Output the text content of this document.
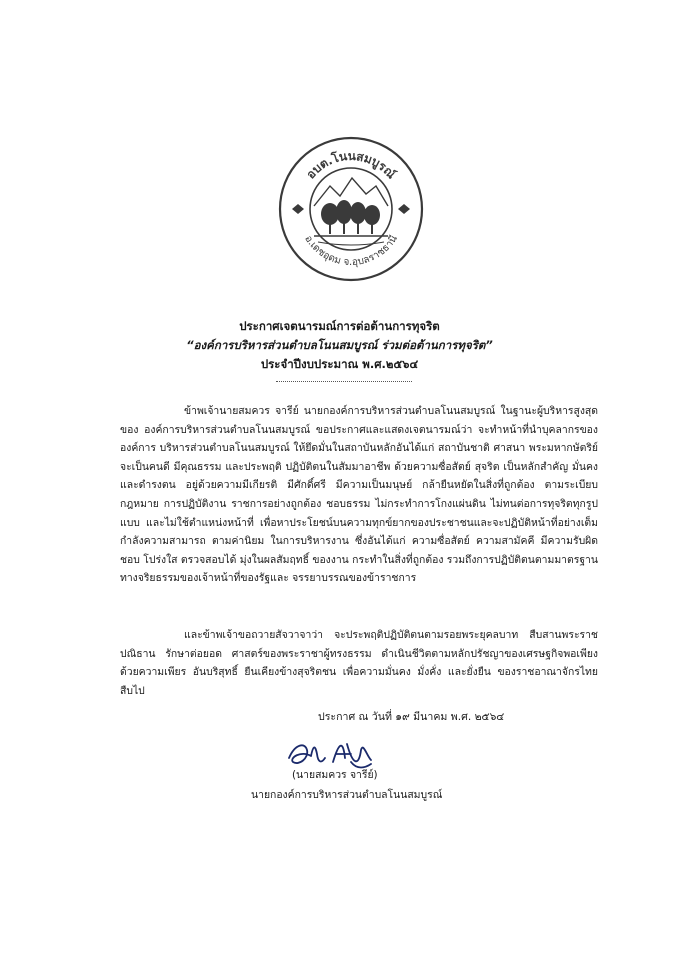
อบต.โนนสมบูรณ์
อ.เดชอุดม จ.อุบลราชธานี
ประกาศเจตนารมณ์การต่อต้านการทุจริต
“องค์การบริหารส่วนตำบลโนนสมบูรณ์ ร่วมต่อต้านการทุจริต”
ประจำปีงบประมาณ พ.ศ.๒๕๖๔
ข้าพเจ้านายสมควร จารีย์ นายกองค์การบริหารส่วนตำบลโนนสมบูรณ์ ในฐานะผู้บริหารสูงสุดของ องค์การบริหารส่วนตำบลโนนสมบูรณ์ ขอประกาศและแสดงเจตนารมณ์ว่า จะทำหน้าที่นำบุคลากรขององค์การ บริหารส่วนตำบลโนนสมบูรณ์ ให้ยึดมั่นในสถาบันหลักอันได้แก่ สถาบันชาติ ศาสนา พระมหากษัตริย์ จะเป็นคนดี มีคุณธรรม และประพฤติ ปฏิบัติตนในสัมมาอาชีพ ด้วยความซื่อสัตย์ สุจริต เป็นหลักสำคัญ มั่นคง และดำรงตน อยู่ด้วยความมีเกียรติ มีศักดิ์ศรี มีความเป็นมนุษย์ กล้ายืนหยัดในสิ่งที่ถูกต้อง ตามระเบียบ กฎหมาย การปฏิบัติงาน ราชการอย่างถูกต้อง ชอบธรรม ไม่กระทำการโกงแผ่นดิน ไม่ทนต่อการทุจริตทุกรูปแบบ และไม่ใช้ตำแหน่งหน้าที่ เพื่อหาประโยชน์บนความทุกข์ยากของประชาชนและจะปฏิบัติหน้าที่อย่างเต็มกำลังความสามารถ ตามค่านิยม ในการบริหารงาน ซึ่งอันได้แก่ ความซื่อสัตย์ ความสามัคคี มีความรับผิดชอบ โปร่งใส ตรวจสอบได้ มุ่งในผลสัมฤทธิ์ ของงาน กระทำในสิ่งที่ถูกต้อง รวมถึงการปฏิบัติตนตามมาตรฐานทางจริยธรรมของเจ้าหน้าที่ของรัฐและ จรรยาบรรณของข้าราชการ
และข้าพเจ้าขอถวายสัจวาจาว่า จะประพฤติปฏิบัติตนตามรอยพระยุคลบาท สืบสานพระราชปณิธาน รักษาต่อยอด ศาสตร์ของพระราชาผู้ทรงธรรม ดำเนินชีวิตตามหลักปรัชญาของเศรษฐกิจพอเพียง ด้วยความเพียร อันบริสุทธิ์ ยืนเคียงข้างสุจริตชน เพื่อความมั่นคง มั่งคั่ง และยั่งยืน ของราชอาณาจักรไทยสืบไป
ประกาศ ณ วันที่ ๑๙ มีนาคม พ.ศ. ๒๕๖๔
(นายสมควร จารีย์)
นายกองค์การบริหารส่วนตำบลโนนสมบูรณ์
